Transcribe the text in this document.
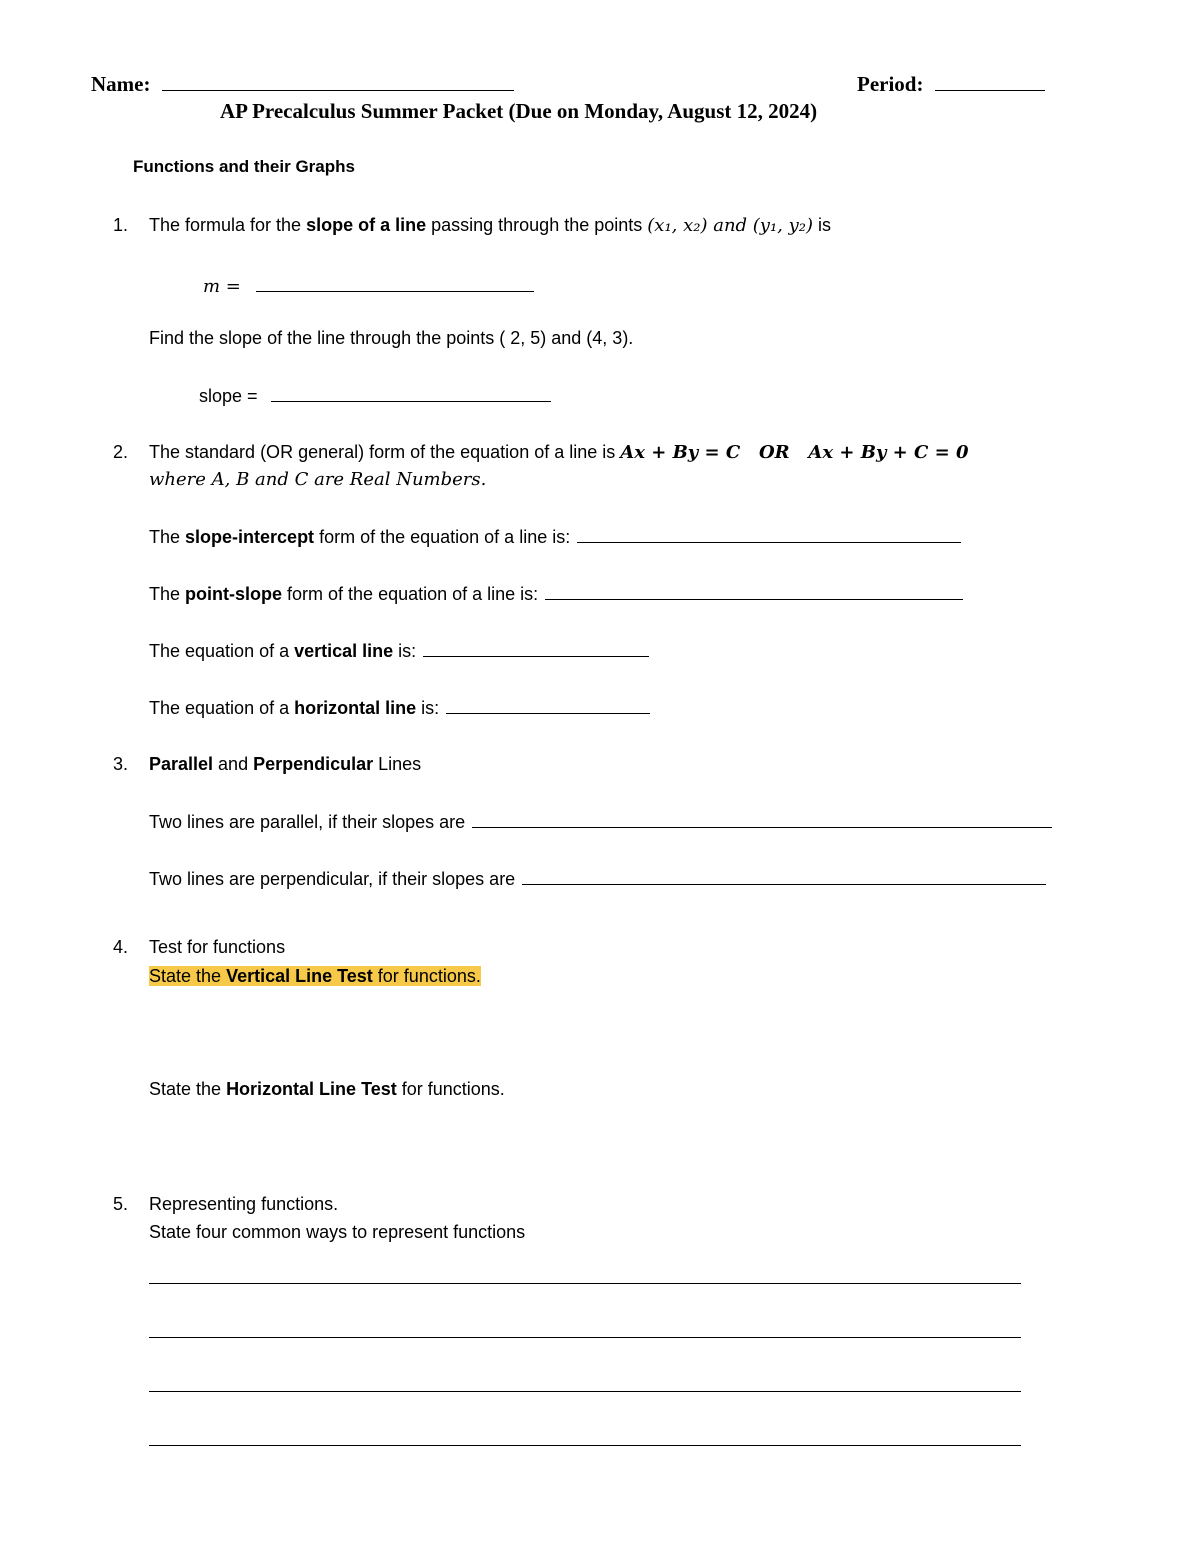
Name:	Period:
AP Precalculus Summer Packet (Due on Monday, August 12, 2024)
Functions and their Graphs
1. The formula for the slope of a line passing through the points (x₁, x₂) and (y₁, y₂) is
m =
Find the slope of the line through the points ( 2, 5) and (4, 3).
slope =
2. The standard (OR general) form of the equation of a line is Ax + By = C   OR   Ax + By + C = 0
where A, B and C are Real Numbers.
The slope-intercept form of the equation of a line is:
The point-slope form of the equation of a line is:
The equation of a vertical line is:
The equation of a horizontal line is:
3. Parallel and Perpendicular Lines
Two lines are parallel, if their slopes are
Two lines are perpendicular, if their slopes are
4. Test for functions
State the Vertical Line Test for functions.
State the Horizontal Line Test for functions.
5. Representing functions.
State four common ways to represent functions
